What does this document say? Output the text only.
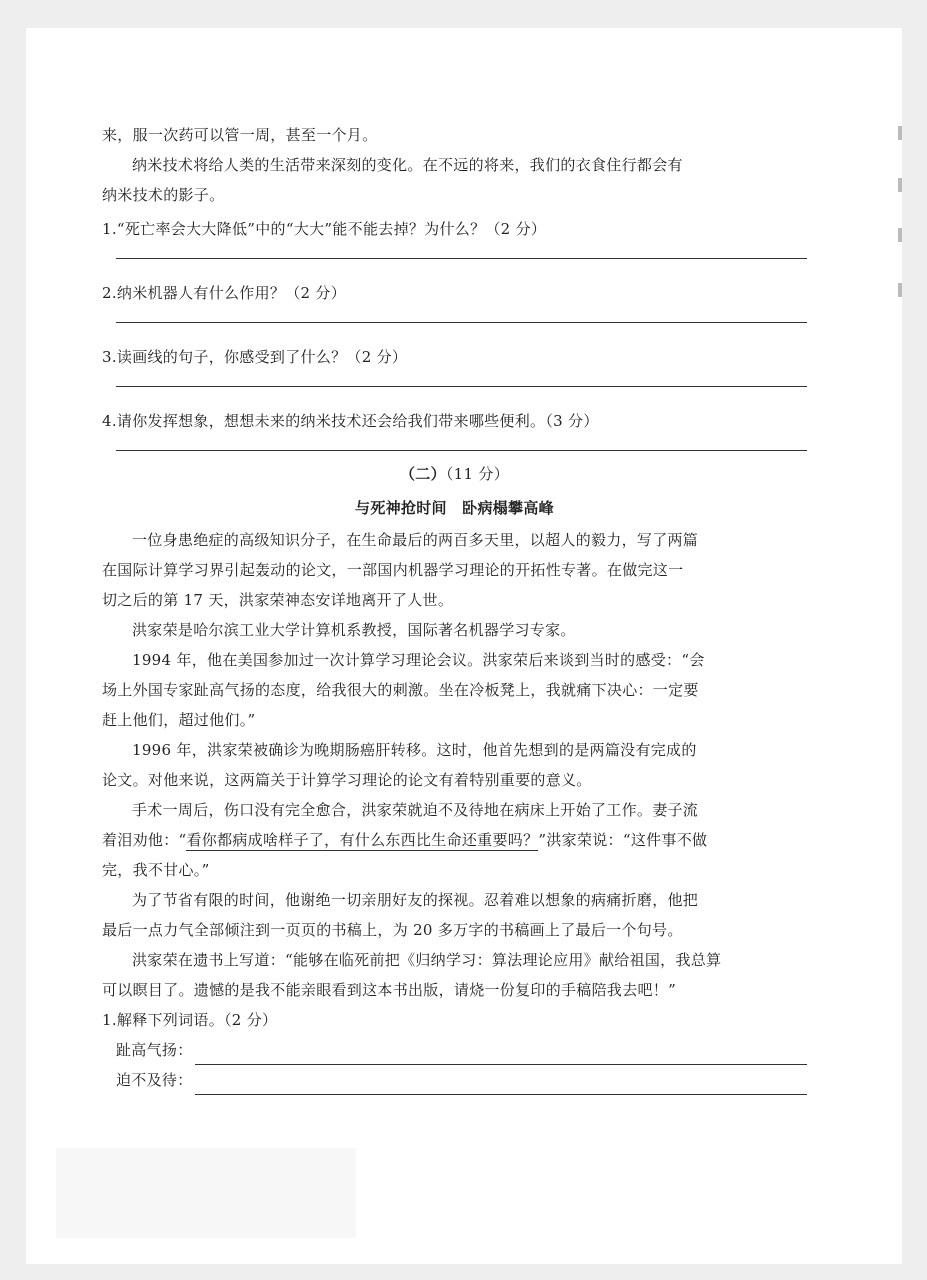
来，服一次药可以管一周，甚至一个月。
纳米技术将给人类的生活带来深刻的变化。在不远的将来，我们的衣食住行都会有
纳米技术的影子。
1.“死亡率会大大降低”中的“大大”能不能去掉？为什么？（2 分）
2.纳米机器人有什么作用？（2 分）
3.读画线的句子，你感受到了什么？（2 分）
4.请你发挥想象，想想未来的纳米技术还会给我们带来哪些便利。（3 分）
（二）（11 分）
与死神抢时间　卧病榻攀高峰
一位身患绝症的高级知识分子，在生命最后的两百多天里，以超人的毅力，写了两篇
在国际计算学习界引起轰动的论文，一部国内机器学习理论的开拓性专著。在做完这一
切之后的第 17 天，洪家荣神态安详地离开了人世。
洪家荣是哈尔滨工业大学计算机系教授，国际著名机器学习专家。
1994 年，他在美国参加过一次计算学习理论会议。洪家荣后来谈到当时的感受：“会
场上外国专家趾高气扬的态度，给我很大的刺激。坐在冷板凳上，我就痛下决心：一定要
赶上他们，超过他们。”
1996 年，洪家荣被确诊为晚期肠癌肝转移。这时，他首先想到的是两篇没有完成的
论文。对他来说，这两篇关于计算学习理论的论文有着特别重要的意义。
手术一周后，伤口没有完全愈合，洪家荣就迫不及待地在病床上开始了工作。妻子流
着泪劝他：“看你都病成啥样子了，有什么东西比生命还重要吗？”洪家荣说：“这件事不做
完，我不甘心。”
为了节省有限的时间，他谢绝一切亲朋好友的探视。忍着难以想象的病痛折磨，他把
最后一点力气全部倾注到一页页的书稿上，为 20 多万字的书稿画上了最后一个句号。
洪家荣在遗书上写道：“能够在临死前把《归纳学习：算法理论应用》献给祖国，我总算
可以瞑目了。遗憾的是我不能亲眼看到这本书出版，请烧一份复印的手稿陪我去吧！”
1.解释下列词语。（2 分）
趾高气扬：
迫不及待：
